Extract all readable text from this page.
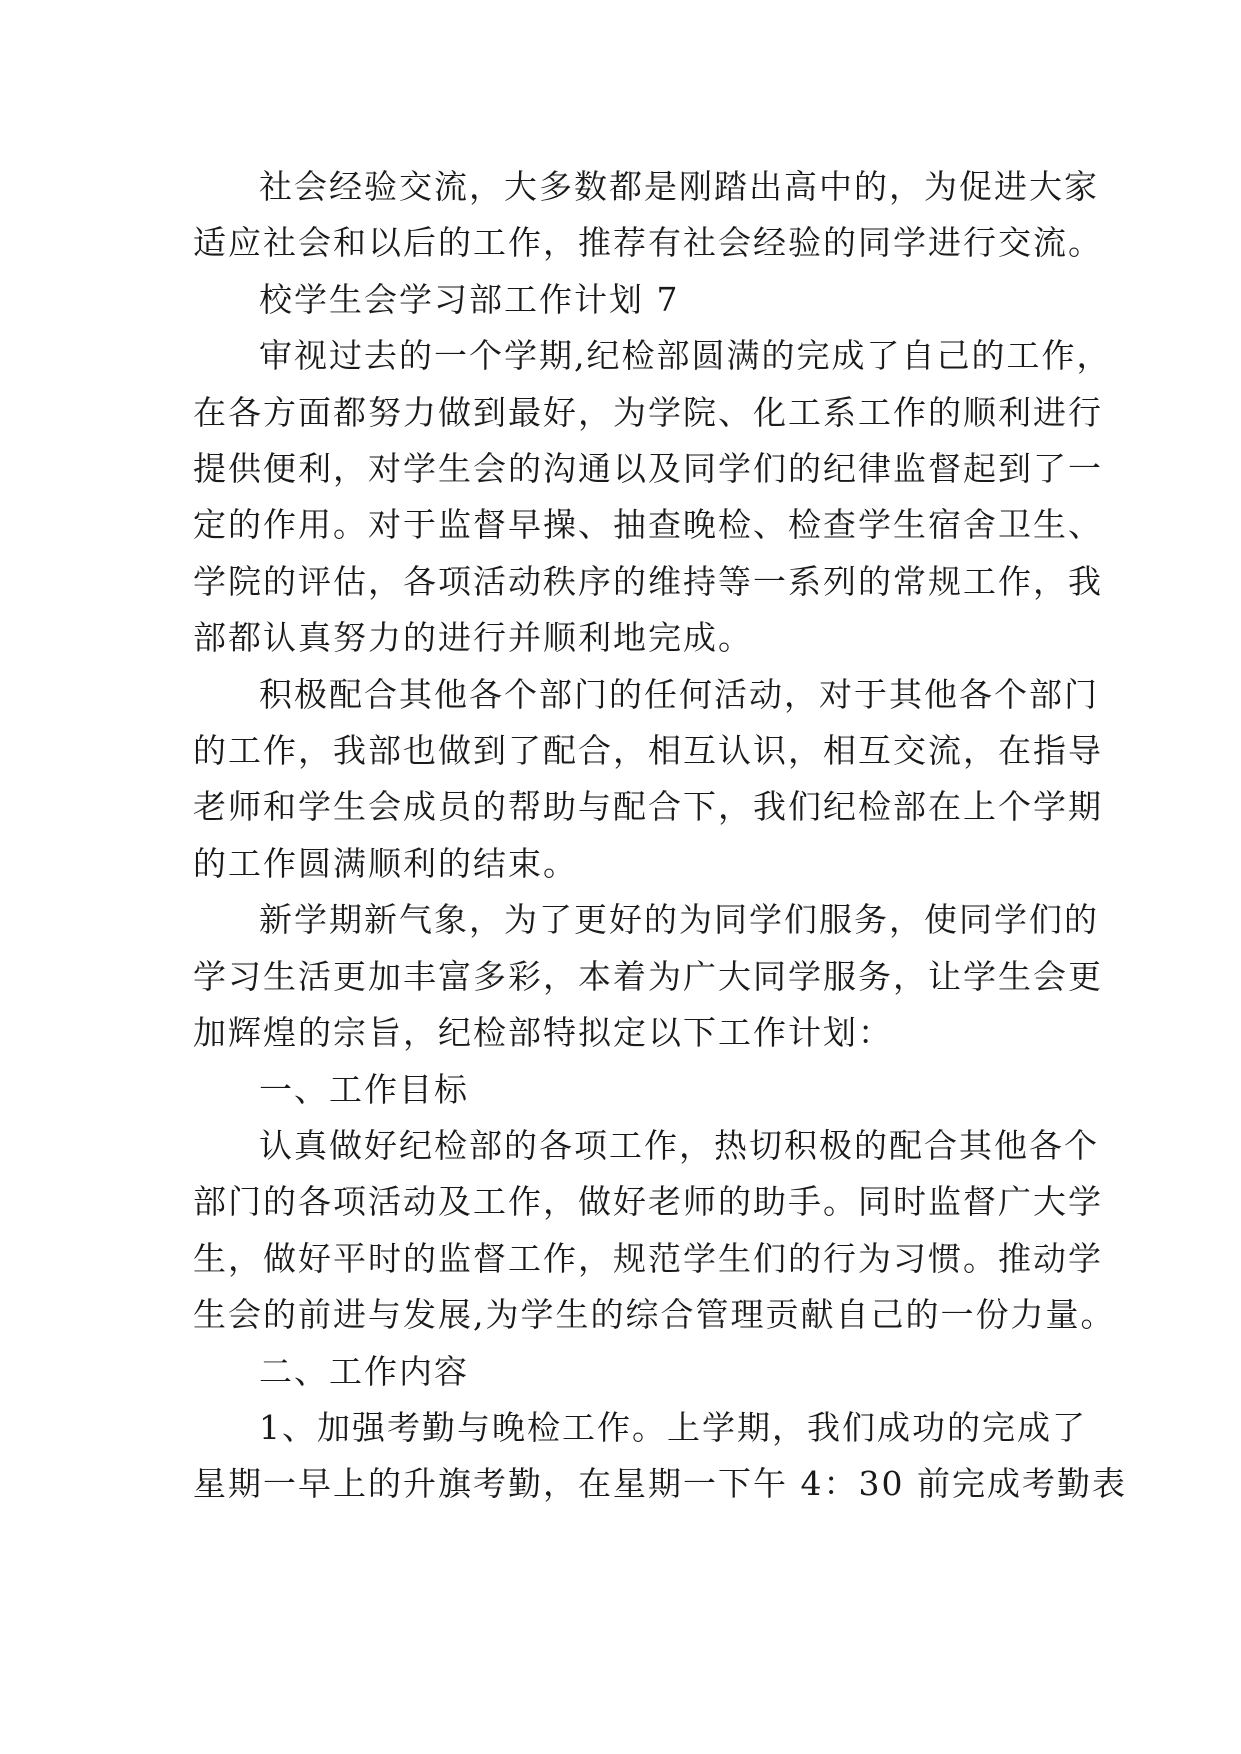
社会经验交流，大多数都是刚踏出高中的，为促进大家
适应社会和以后的工作，推荐有社会经验的同学进行交流。

校学生会学习部工作计划 7

审视过去的一个学期,纪检部圆满的完成了自己的工作，
在各方面都努力做到最好，为学院、化工系工作的顺利进行
提供便利，对学生会的沟通以及同学们的纪律监督起到了一
定的作用。对于监督早操、抽查晚检、检查学生宿舍卫生、
学院的评估，各项活动秩序的维持等一系列的常规工作，我
部都认真努力的进行并顺利地完成。

积极配合其他各个部门的任何活动，对于其他各个部门
的工作，我部也做到了配合，相互认识，相互交流，在指导
老师和学生会成员的帮助与配合下，我们纪检部在上个学期
的工作圆满顺利的结束。

新学期新气象，为了更好的为同学们服务，使同学们的
学习生活更加丰富多彩，本着为广大同学服务，让学生会更
加辉煌的宗旨，纪检部特拟定以下工作计划：

一、工作目标

认真做好纪检部的各项工作，热切积极的配合其他各个
部门的各项活动及工作，做好老师的助手。同时监督广大学
生，做好平时的监督工作，规范学生们的行为习惯。推动学
生会的前进与发展,为学生的综合管理贡献自己的一份力量。

二、工作内容

1、加强考勤与晚检工作。上学期，我们成功的完成了
星期一早上的升旗考勤，在星期一下午 4：30 前完成考勤表
